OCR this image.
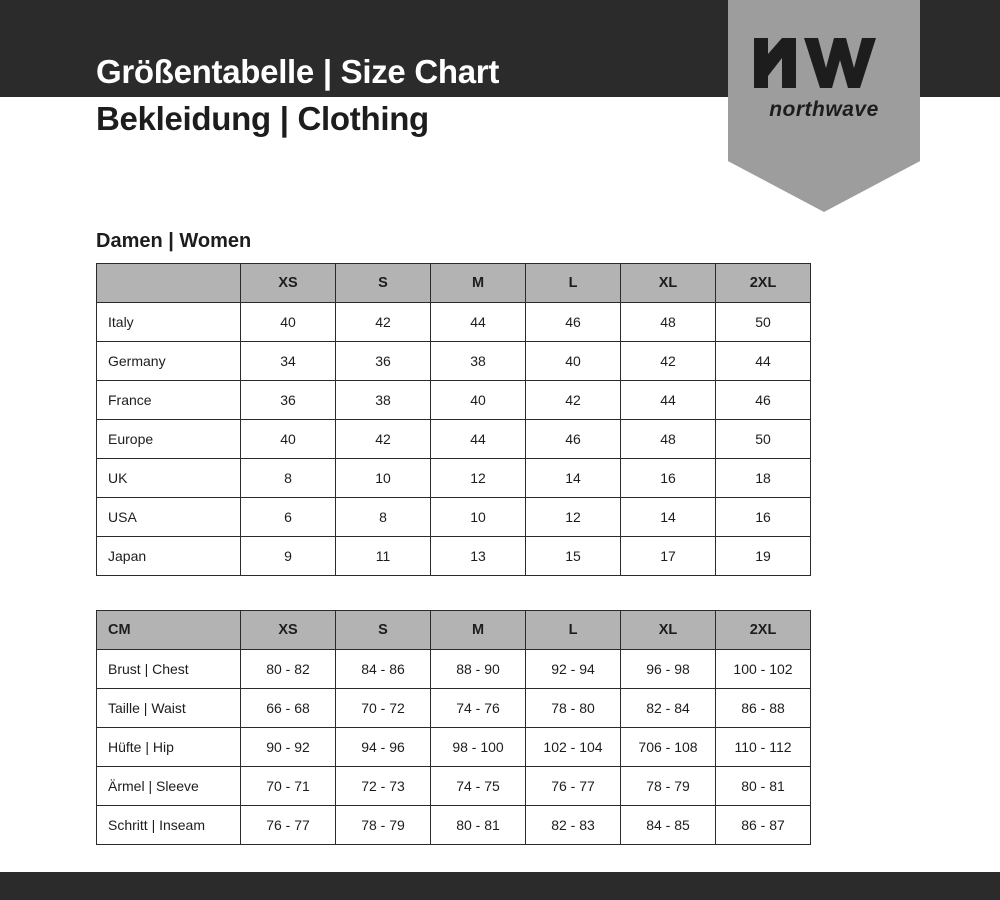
Größentabelle | Size Chart
Bekleidung | Clothing	northwave
Damen | Women
	XS	S	M	L	XL	2XL
Italy	40	42	44	46	48	50
Germany	34	36	38	40	42	44
France	36	38	40	42	44	46
Europe	40	42	44	46	48	50
UK	8	10	12	14	16	18
USA	6	8	10	12	14	16
Japan	9	11	13	15	17	19
CM	XS	S	M	L	XL	2XL
Brust | Chest	80 - 82	84 - 86	88 - 90	92 - 94	96 - 98	100 - 102
Taille | Waist	66 - 68	70 - 72	74 - 76	78 - 80	82 - 84	86 - 88
Hüfte | Hip	90 - 92	94 - 96	98 - 100	102 - 104	706 - 108	110 - 112
Ärmel | Sleeve	70 - 71	72 - 73	74 - 75	76 - 77	78 - 79	80 - 81
Schritt | Inseam	76 - 77	78 - 79	80 - 81	82 - 83	84 - 85	86 - 87
